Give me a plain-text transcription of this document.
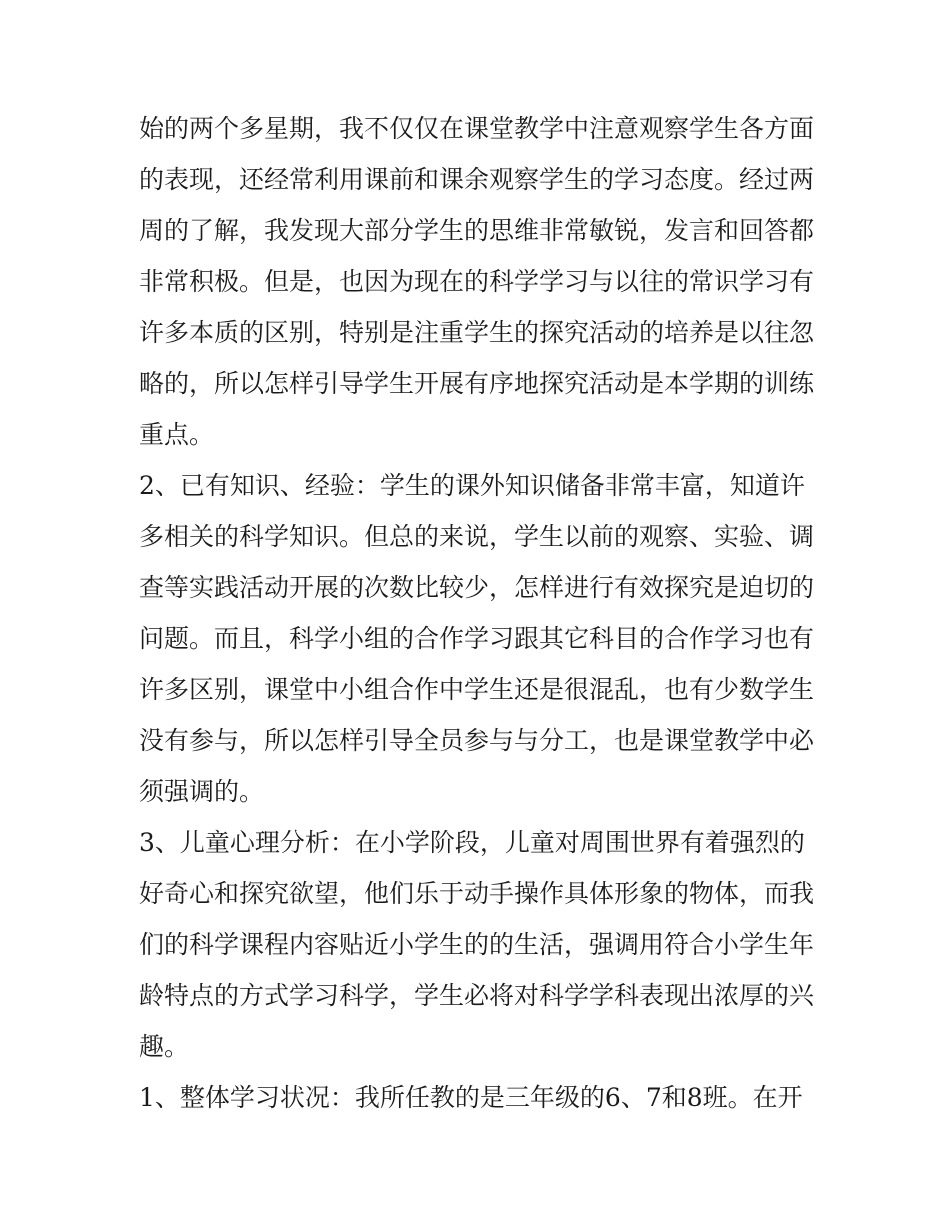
始的两个多星期，我不仅仅在课堂教学中注意观察学生各方面
的表现，还经常利用课前和课余观察学生的学习态度。经过两
周的了解，我发现大部分学生的思维非常敏锐，发言和回答都
非常积极。但是，也因为现在的科学学习与以往的常识学习有
许多本质的区别，特别是注重学生的探究活动的培养是以往忽
略的，所以怎样引导学生开展有序地探究活动是本学期的训练
重点。
2、已有知识、经验：学生的课外知识储备非常丰富，知道许
多相关的科学知识。但总的来说，学生以前的观察、实验、调
查等实践活动开展的次数比较少，怎样进行有效探究是迫切的
问题。而且，科学小组的合作学习跟其它科目的合作学习也有
许多区别，课堂中小组合作中学生还是很混乱，也有少数学生
没有参与，所以怎样引导全员参与与分工，也是课堂教学中必
须强调的。
3、儿童心理分析：在小学阶段，儿童对周围世界有着强烈的
好奇心和探究欲望，他们乐于动手操作具体形象的物体，而我
们的科学课程内容贴近小学生的的生活，强调用符合小学生年
龄特点的方式学习科学，学生必将对科学学科表现出浓厚的兴
趣。
1、整体学习状况：我所任教的是三年级的6、7和8班。在开
